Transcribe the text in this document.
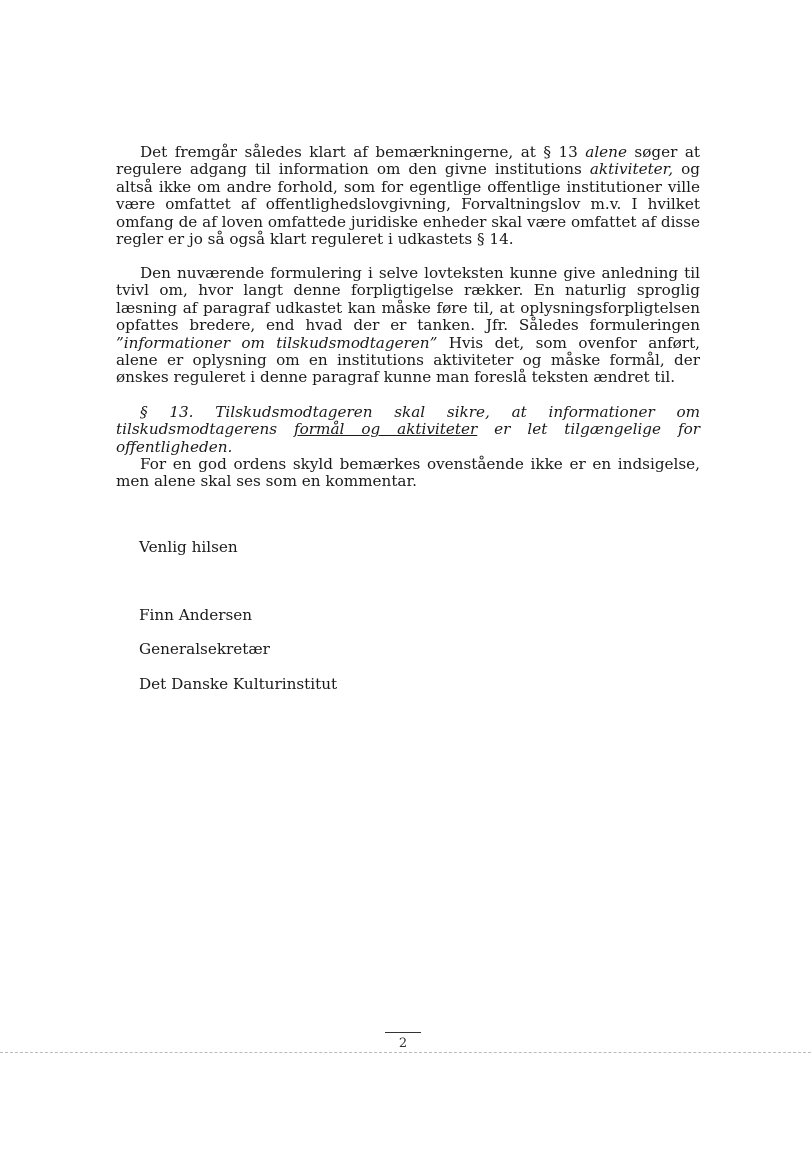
Det fremgår således klart af bemærkningerne, at § 13 alene søger at regulere adgang til information om den givne institutions aktiviteter, og altså ikke om andre forhold, som for egentlige offentlige institutioner ville være omfattet af offentlighedslovgivning, Forvaltningslov m.v. I hvilket omfang de af loven omfattede juridiske enheder skal være omfattet af disse regler er jo så også klart reguleret i udkastets § 14.

Den nuværende formulering i selve lovteksten kunne give anledning til tvivl om, hvor langt denne forpligtigelse rækker. En naturlig sproglig læsning af paragraf udkastet kan måske føre til, at oplysningsforpligtelsen opfattes bredere, end hvad der er tanken. Jfr. Således formuleringen ”informationer om tilskudsmodtageren” Hvis det, som ovenfor anført, alene er oplysning om en institutions aktiviteter og måske formål, der ønskes reguleret i denne paragraf kunne man foreslå teksten ændret til.

§ 13. Tilskudsmodtageren skal sikre, at informationer om tilskudsmodtagerens formål og aktiviteter er let tilgængelige for offentligheden.

For en god ordens skyld bemærkes ovenstående ikke er en indsigelse, men alene skal ses som en kommentar.

Venlig hilsen

Finn Andersen

Generalsekretær

Det Danske Kulturinstitut

2
